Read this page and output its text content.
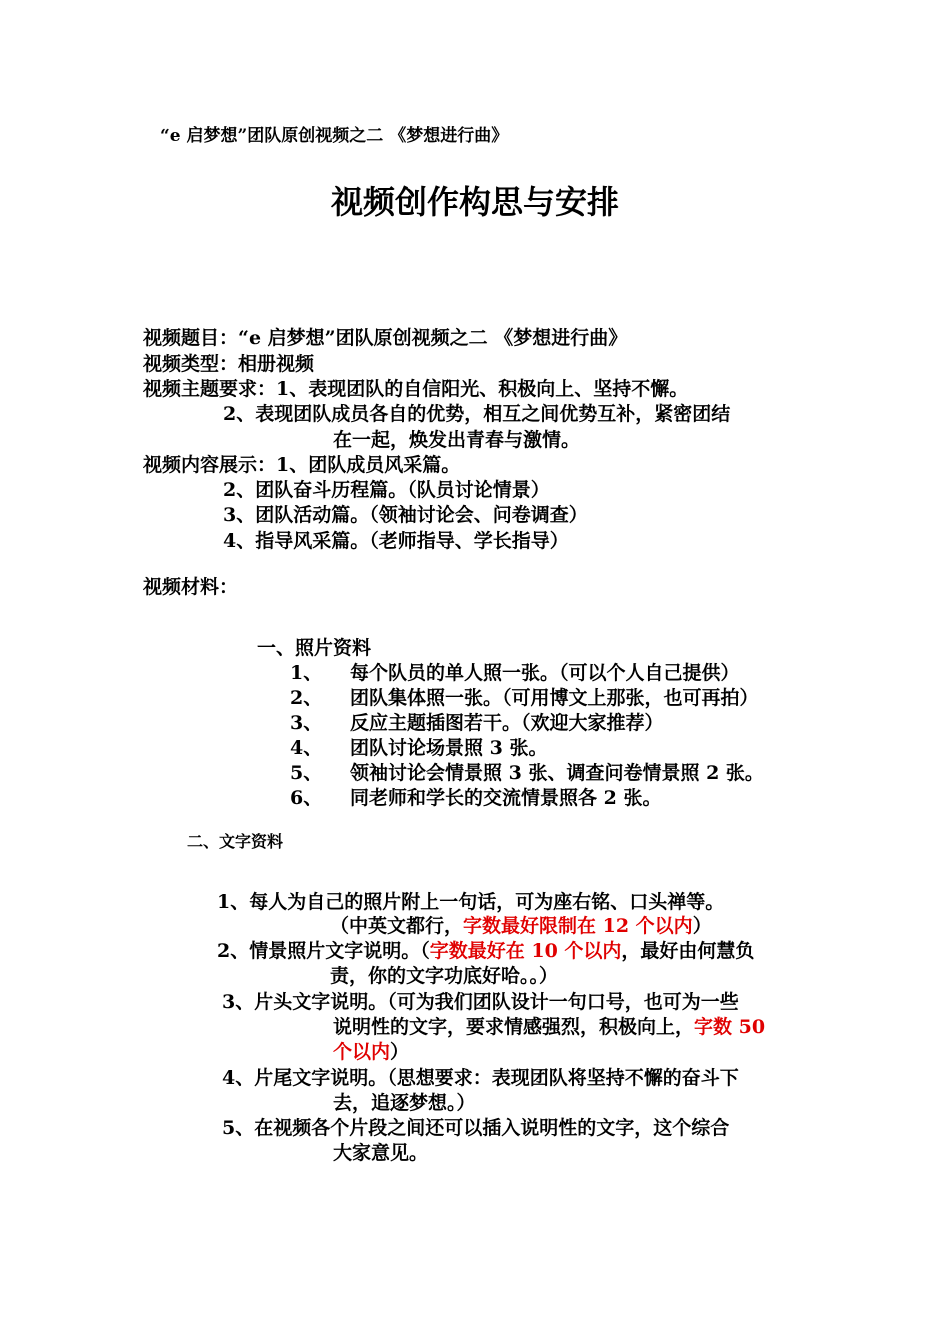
“e 启梦想”团队原创视频之二 《梦想进行曲》
视频创作构思与安排
视频题目：“e 启梦想”团队原创视频之二 《梦想进行曲》
视频类型：相册视频
视频主题要求：1、表现团队的自信阳光、积极向上、坚持不懈。
2、表现团队成员各自的优势，相互之间优势互补，紧密团结
在一起，焕发出青春与激情。
视频内容展示：1、团队成员风采篇。
2、团队奋斗历程篇。（队员讨论情景）
3、团队活动篇。（领袖讨论会、问卷调查）
4、指导风采篇。（老师指导、学长指导）
视频材料：
一、照片资料
1、 每个队员的单人照一张。（可以个人自己提供）
2、 团队集体照一张。（可用博文上那张，也可再拍）
3、 反应主题插图若干。（欢迎大家推荐）
4、 团队讨论场景照 3 张。
5、 领袖讨论会情景照 3 张、调查问卷情景照 2 张。
6、 同老师和学长的交流情景照各 2 张。
二、文字资料
1、每人为自己的照片附上一句话，可为座右铭、口头禅等。
（中英文都行，字数最好限制在 12 个以内）
2、情景照片文字说明。（字数最好在 10 个以内，最好由何慧负
责，你的文字功底好哈。。）
3、片头文字说明。（可为我们团队设计一句口号，也可为一些
说明性的文字，要求情感强烈，积极向上，字数 50
个以内）
4、片尾文字说明。（思想要求：表现团队将坚持不懈的奋斗下
去，追逐梦想。）
5、在视频各个片段之间还可以插入说明性的文字，这个综合
大家意见。
